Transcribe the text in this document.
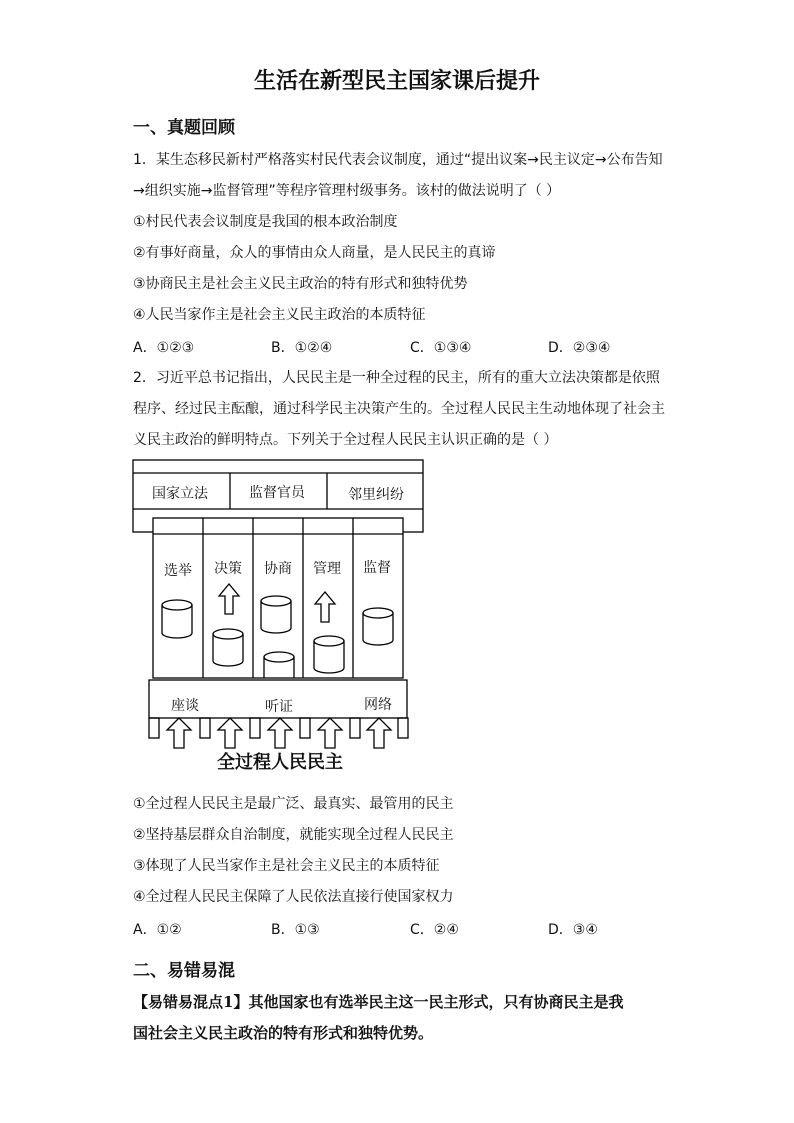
生活在新型民主国家课后提升
一、真题回顾
1．某生态移民新村严格落实村民代表会议制度，通过“提出议案→民主议定→公布告知
→组织实施→监督管理”等程序管理村级事务。该村的做法说明了（ ）
①村民代表会议制度是我国的根本政治制度
②有事好商量，众人的事情由众人商量，是人民民主的真谛
③协商民主是社会主义民主政治的特有形式和独特优势
④人民当家作主是社会主义民主政治的本质特征
A．①②③	B．①②④	C．①③④	D．②③④
2．习近平总书记指出，人民民主是一种全过程的民主，所有的重大立法决策都是依照
程序、经过民主酝酿，通过科学民主决策产生的。全过程人民民主生动地体现了社会主
义民主政治的鲜明特点。下列关于全过程人民民主认识正确的是（ ）
国家立法	监督官员	邻里纠纷
选举 决策 协商 管理 监督
座谈	听证	网络
全过程人民民主
①全过程人民民主是最广泛、最真实、最管用的民主
②坚持基层群众自治制度，就能实现全过程人民民主
③体现了人民当家作主是社会主义民主的本质特征
④全过程人民民主保障了人民依法直接行使国家权力
A．①②	B．①③	C．②④	D．③④
二、易错易混
【易错易混点1】其他国家也有选举民主这一民主形式，只有协商民主是我
国社会主义民主政治的特有形式和独特优势。
